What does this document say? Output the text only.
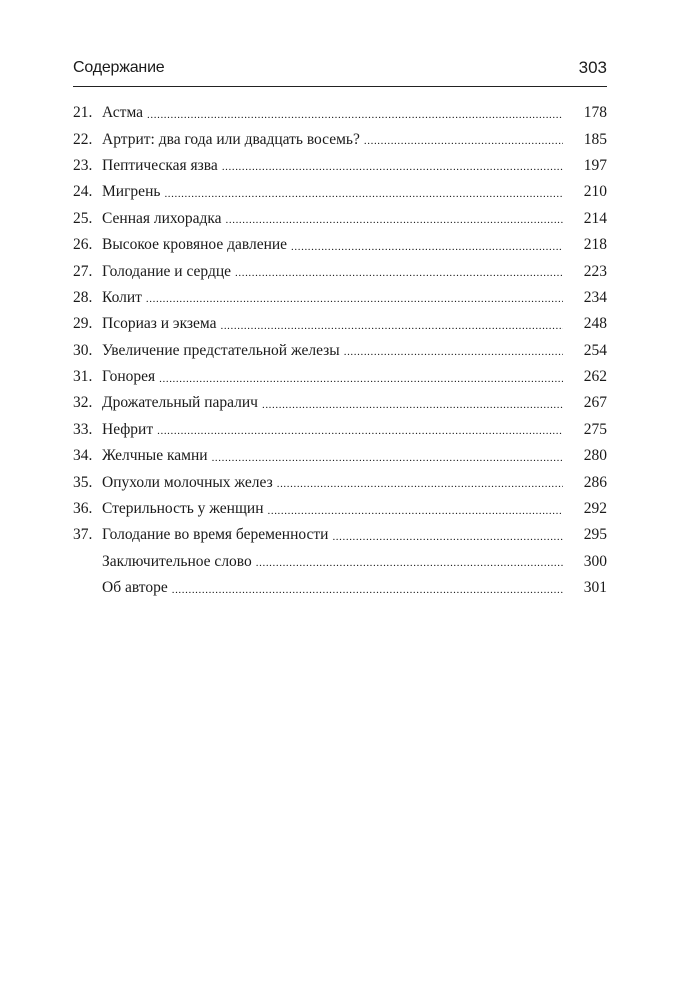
Содержание	303
21. Астма .....	178
22. Артрит: два года или двадцать восемь? .....	185
23. Пептическая язва .....	197
24. Мигрень .....	210
25. Сенная лихорадка .....	214
26. Высокое кровяное давление .....	218
27. Голодание и сердце .....	223
28. Колит .....	234
29. Псориаз и экзема .....	248
30. Увеличение предстательной железы .....	254
31. Гонорея .....	262
32. Дрожательный паралич .....	267
33. Нефрит .....	275
34. Желчные камни .....	280
35. Опухоли молочных желез .....	286
36. Стерильность у женщин .....	292
37. Голодание во время беременности .....	295
Заключительное слово .....	300
Об авторе .....	301
